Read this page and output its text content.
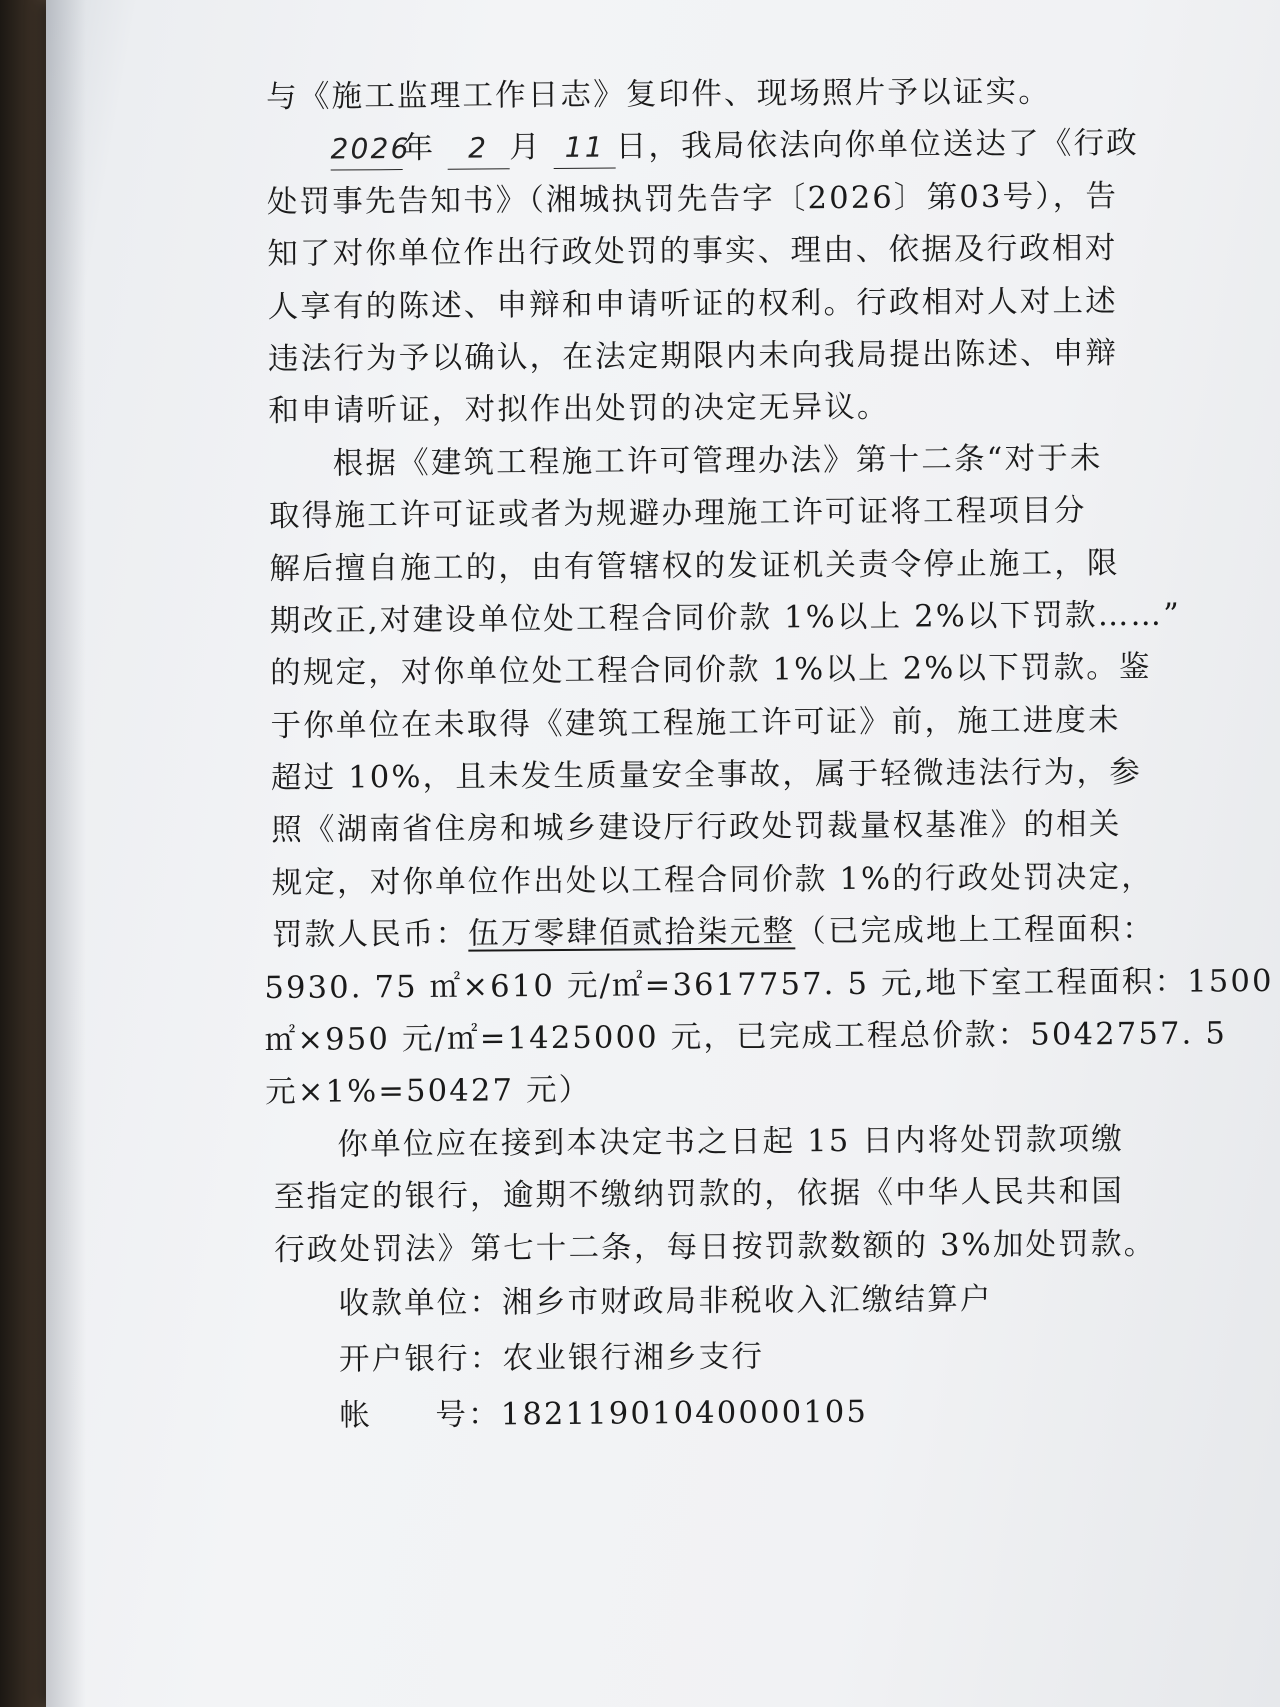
与《施工监理工作日志》复印件、现场照片予以证实。
2026年 2 月 11 日，我局依法向你单位送达了《行政
处罚事先告知书》（湘城执罚先告字〔2026〕第03号），告
知了对你单位作出行政处罚的事实、理由、依据及行政相对
人享有的陈述、申辩和申请听证的权利。行政相对人对上述
违法行为予以确认，在法定期限内未向我局提出陈述、申辩
和申请听证，对拟作出处罚的决定无异议。
根据《建筑工程施工许可管理办法》第十二条“对于未
取得施工许可证或者为规避办理施工许可证将工程项目分
解后擅自施工的，由有管辖权的发证机关责令停止施工，限
期改正,对建设单位处工程合同价款 1%以上 2%以下罚款……”
的规定，对你单位处工程合同价款 1%以上 2%以下罚款。鉴
于你单位在未取得《建筑工程施工许可证》前，施工进度未
超过 10%，且未发生质量安全事故，属于轻微违法行为，参
照《湖南省住房和城乡建设厅行政处罚裁量权基准》的相关
规定，对你单位作出处以工程合同价款 1%的行政处罚决定，
罚款人民币：伍万零肆佰贰拾柒元整（已完成地上工程面积：
5930. 75 ㎡×610 元/㎡=3617757. 5 元,地下室工程面积：1500
㎡×950 元/㎡=1425000 元，已完成工程总价款：5042757. 5
元×1%=50427 元）
你单位应在接到本决定书之日起 15 日内将处罚款项缴
至指定的银行，逾期不缴纳罚款的，依据《中华人民共和国
行政处罚法》第七十二条，每日按罚款数额的 3%加处罚款。
收款单位：湘乡市财政局非税收入汇缴结算户
开户银行：农业银行湘乡支行
帐 号：18211901040000105
